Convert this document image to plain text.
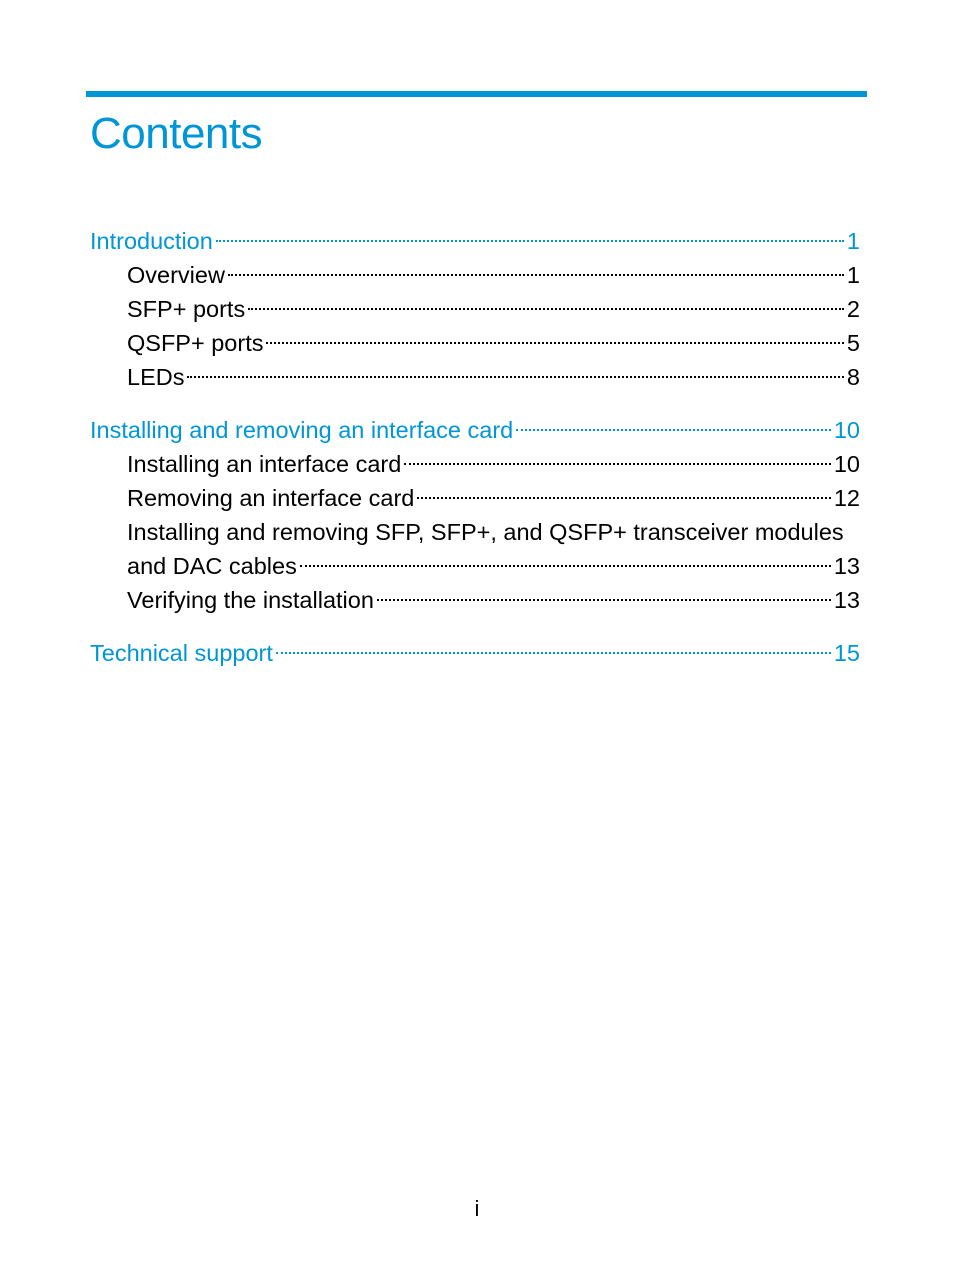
Contents
Introduction	1
Overview	1
SFP+ ports	2
QSFP+ ports	5
LEDs	8
Installing and removing an interface card	10
Installing an interface card	10
Removing an interface card	12
Installing and removing SFP, SFP+, and QSFP+ transceiver modules
and DAC cables	13
Verifying the installation	13
Technical support	15
i
